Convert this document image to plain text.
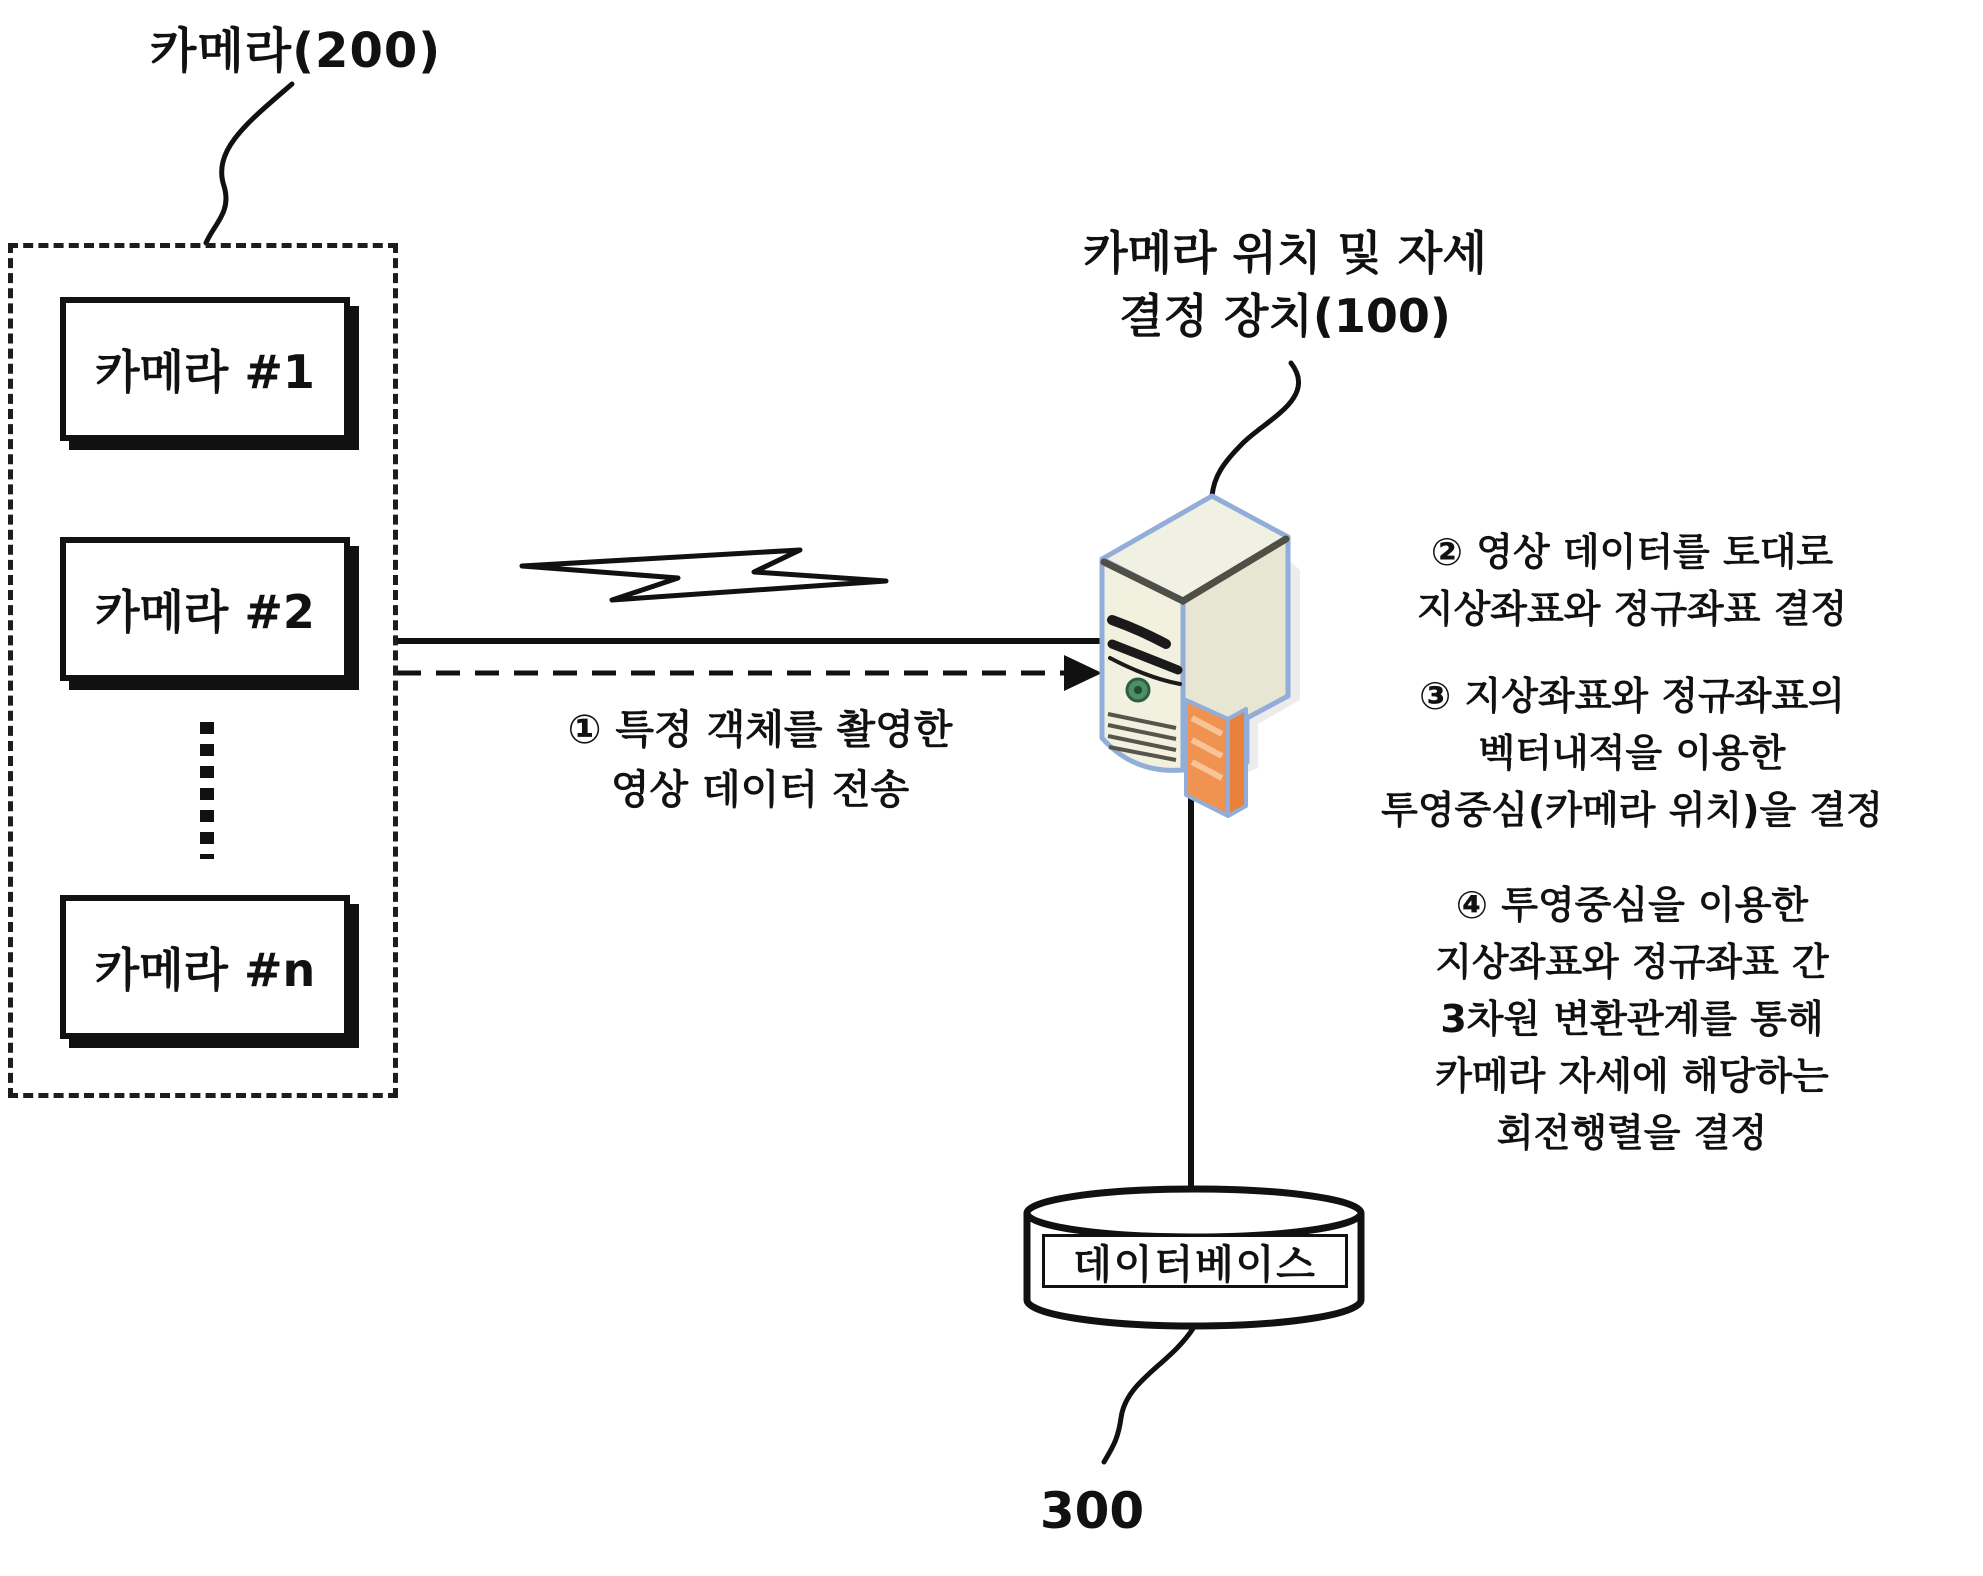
카메라(200)
카메라 #1
카메라 #2
카메라 #n
카메라 위치 및 자세
결정 장치(100)
① 특정 객체를 촬영한
영상 데이터 전송
② 영상 데이터를 토대로
지상좌표와 정규좌표 결정
③ 지상좌표와 정규좌표의
벡터내적을 이용한
투영중심(카메라 위치)을 결정
④ 투영중심을 이용한
지상좌표와 정규좌표 간
3차원 변환관계를 통해
카메라 자세에 해당하는
회전행렬을 결정
데이터베이스
300
